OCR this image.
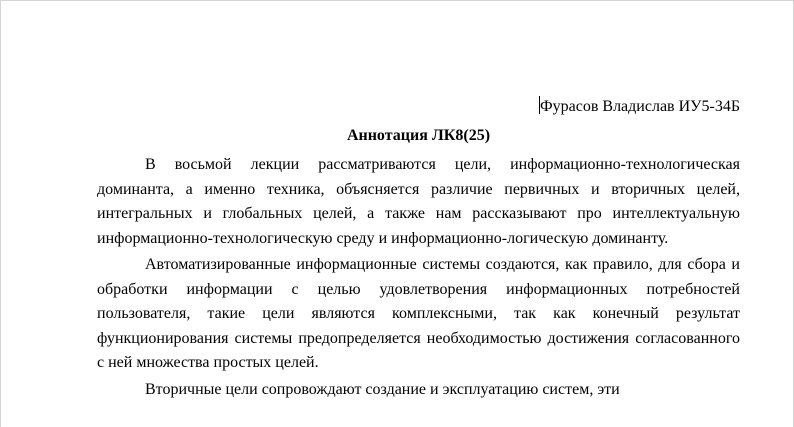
Фурасов Владислав ИУ5-34Б
Аннотация ЛК8(25)

В восьмой лекции рассматриваются цели, информационно-технологическая доминанта, а именно техника, объясняется различие первичных и вторичных целей, интегральных и глобальных целей, а также нам рассказывают про интеллектуальную информационно-технологическую среду и информационно-логическую доминанту.

Автоматизированные информационные системы создаются, как правило, для сбора и обработки информации с целью удовлетворения информационных потребностей пользователя, такие цели являются комплексными, так как конечный результат функционирования системы предопределяется необходимостью достижения согласованного с ней множества простых целей.

Вторичные цели сопровождают создание и эксплуатацию систем, эти
